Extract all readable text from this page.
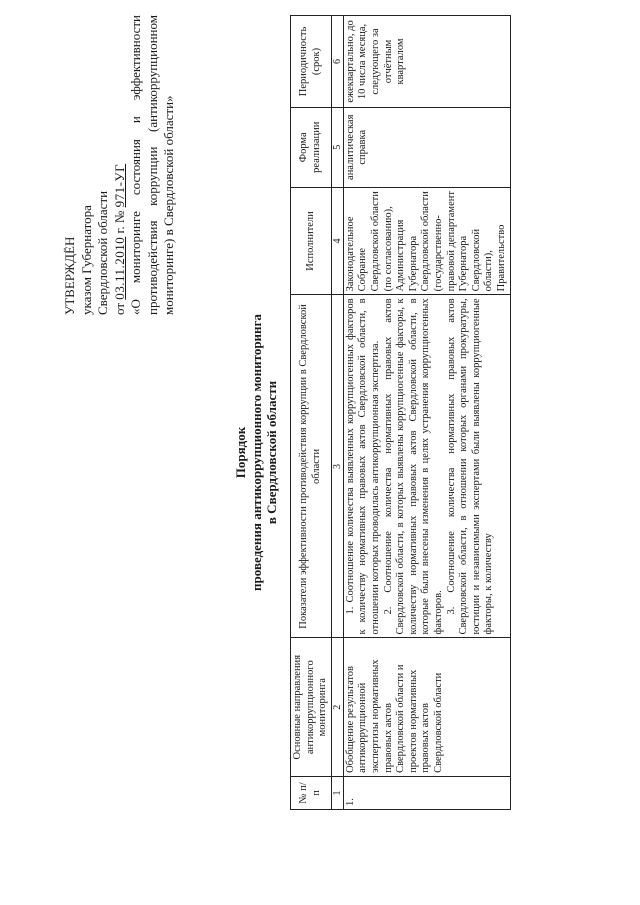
УТВЕРЖДЁН указом Губернатора Свердловской области от 03.11.2010 г. № 971-УГ «О мониторинге состояния и эффективности противодействия коррупции (антикоррупционном мониторинге) в Свердловской области»
Порядок проведения антикоррупционного мониторинга в Свердловской области
№ п/п	Основные направления антикоррупционного мониторинга	Показатели эффективности противодействия коррупции в Свердловской области	Исполнители	Форма реализации	Периодичность (срок)
1	2	3	4	5	6
1.	Обобщение результатов антикоррупционной экспертизы нормативных правовых актов Свердловской области и проектов нормативных правовых актов Свердловской области	1. Соотношение количества выявленных коррупциогенных факторов к количеству нормативных правовых актов Свердловской области, в отношении которых проводилась антикоррупционная экспертиза. 2. Соотношение количества нормативных правовых актов Свердловской области, в которых выявлены коррупциогенные факторы, к количеству нормативных правовых актов Свердловской области, в которые были внесены изменения в целях устранения коррупциогенных факторов. 3. Соотношение количества нормативных правовых актов Свердловской области, в отношении которых органами прокуратуры, юстиции и независимыми экспертами были выявлены коррупциогенные факторы, к количеству	Законодательное Собрание Свердловской области (по согласованию), Администрация Губернатора Свердловской области (государственно-правовой департамент Губернатора Свердловской области), Правительство	аналитическая справка	ежеквартально, до 10 числа месяца, следующего за отчётным кварталом
